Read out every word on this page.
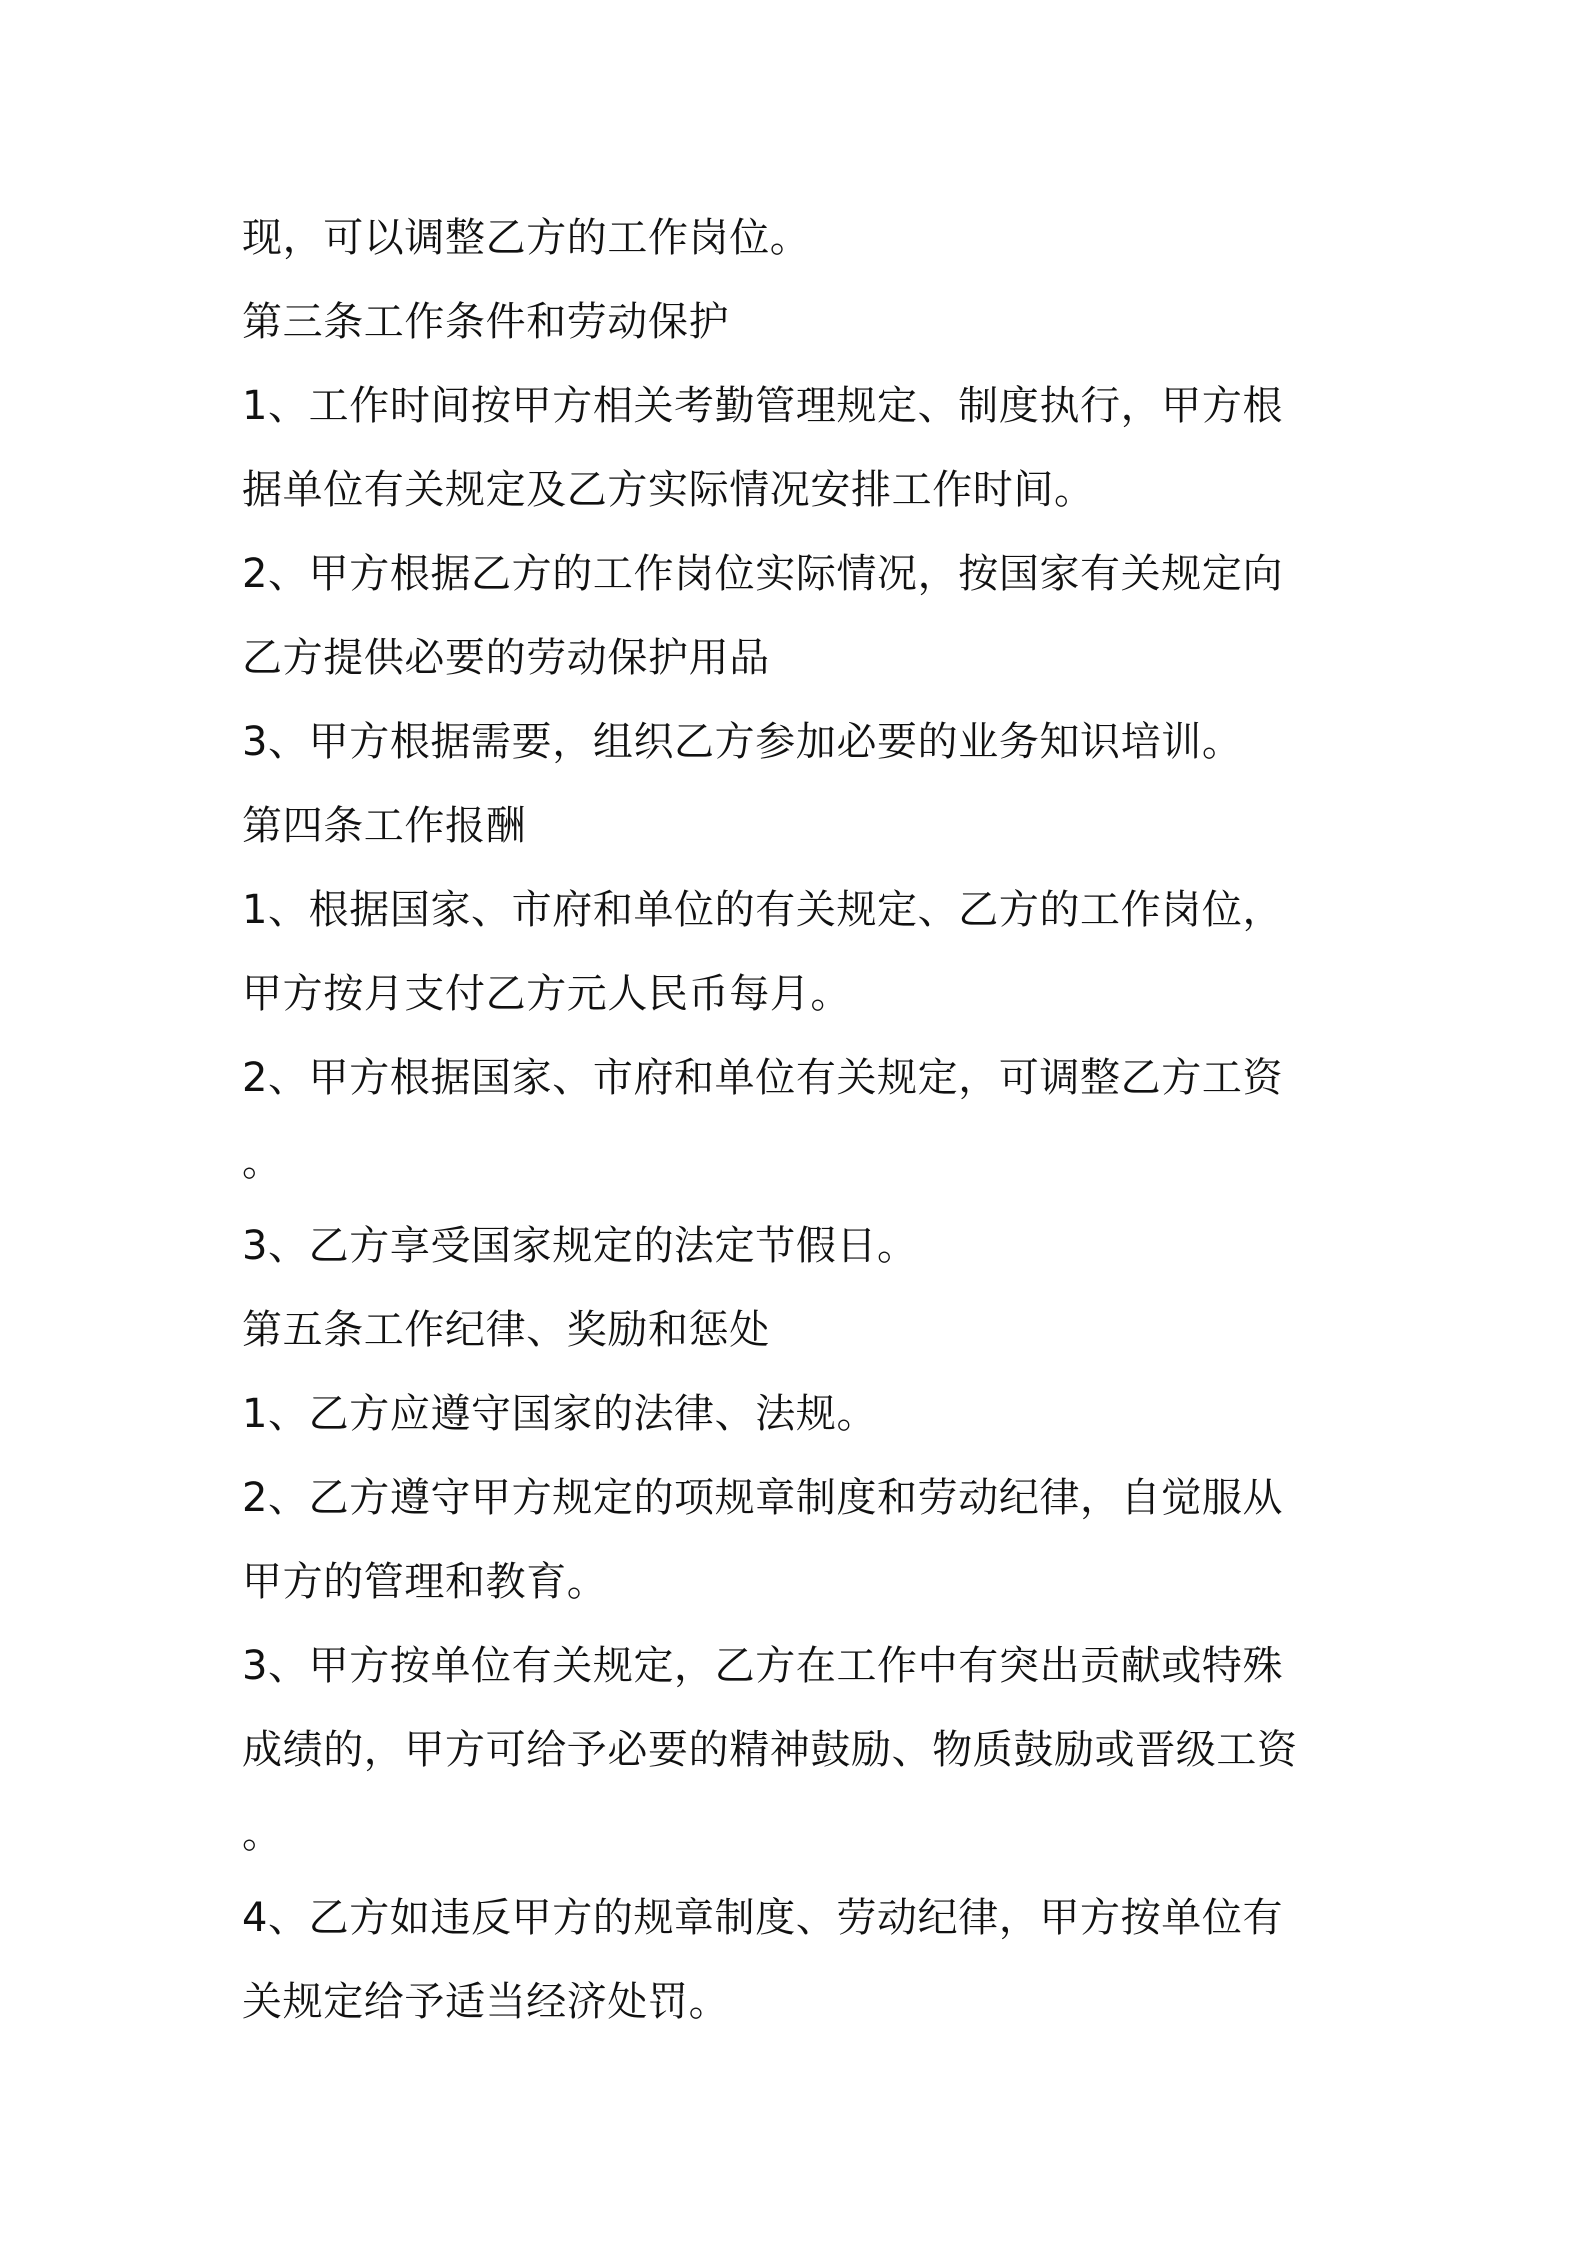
现，可以调整乙方的工作岗位。
第三条工作条件和劳动保护
1、工作时间按甲方相关考勤管理规定、制度执行，甲方根
据单位有关规定及乙方实际情况安排工作时间。
2、甲方根据乙方的工作岗位实际情况，按国家有关规定向
乙方提供必要的劳动保护用品
3、甲方根据需要，组织乙方参加必要的业务知识培训。
第四条工作报酬
1、根据国家、市府和单位的有关规定、乙方的工作岗位，
甲方按月支付乙方元人民币每月。
2、甲方根据国家、市府和单位有关规定，可调整乙方工资
。
3、乙方享受国家规定的法定节假日。
第五条工作纪律、奖励和惩处
1、乙方应遵守国家的法律、法规。
2、乙方遵守甲方规定的项规章制度和劳动纪律，自觉服从
甲方的管理和教育。
3、甲方按单位有关规定，乙方在工作中有突出贡献或特殊
成绩的，甲方可给予必要的精神鼓励、物质鼓励或晋级工资
。
4、乙方如违反甲方的规章制度、劳动纪律，甲方按单位有
关规定给予适当经济处罚。
